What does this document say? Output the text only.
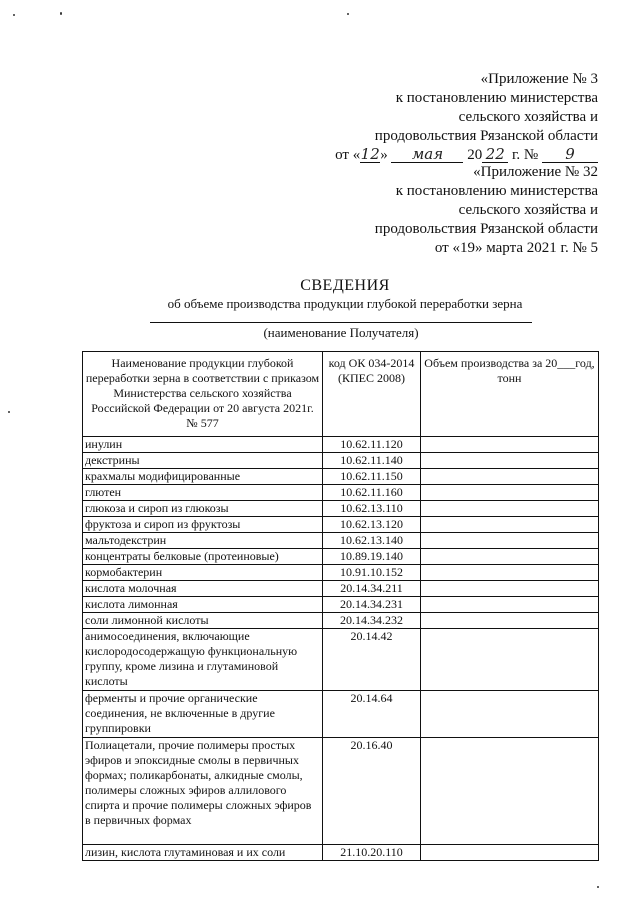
«Приложение № 3
к постановлению министерства
сельского хозяйства и
продовольствия Рязанской области
от «12» мая 20 22 г. № 9
«Приложение № 32
к постановлению министерства
сельского хозяйства и
продовольствия Рязанской области
от «19» марта 2021 г. № 5
СВЕДЕНИЯ
об объеме производства продукции глубокой переработки зерна
(наименование Получателя)
Наименование продукции глубокой переработки зерна в соответствии с приказом Министерства сельского хозяйства Российской Федерации от 20 августа 2021г. № 577	код ОК 034-2014 (КПЕС 2008)	Объем производства за 20___год, тонн
инулин	10.62.11.120	
декстрины	10.62.11.140	
крахмалы модифицированные	10.62.11.150	
глютен	10.62.11.160	
глюкоза и сироп из глюкозы	10.62.13.110	
фруктоза и сироп из фруктозы	10.62.13.120	
мальтодекстрин	10.62.13.140	
концентраты белковые (протеиновые)	10.89.19.140	
кормобактерин	10.91.10.152	
кислота молочная	20.14.34.211	
кислота лимонная	20.14.34.231	
соли лимонной кислоты	20.14.34.232	
анимосоединения, включающие кислородосодержащую функциональную группу, кроме лизина и глутаминовой кислоты	20.14.42	
ферменты и прочие органические соединения, не включенные в другие группировки	20.14.64	
Полиацетали, прочие полимеры простых эфиров и эпоксидные смолы в первичных формах; поликарбонаты, алкидные смолы, полимеры сложных эфиров аллилового спирта и прочие полимеры сложных эфиров в первичных формах	20.16.40	
лизин, кислота глутаминовая и их соли	21.10.20.110	
